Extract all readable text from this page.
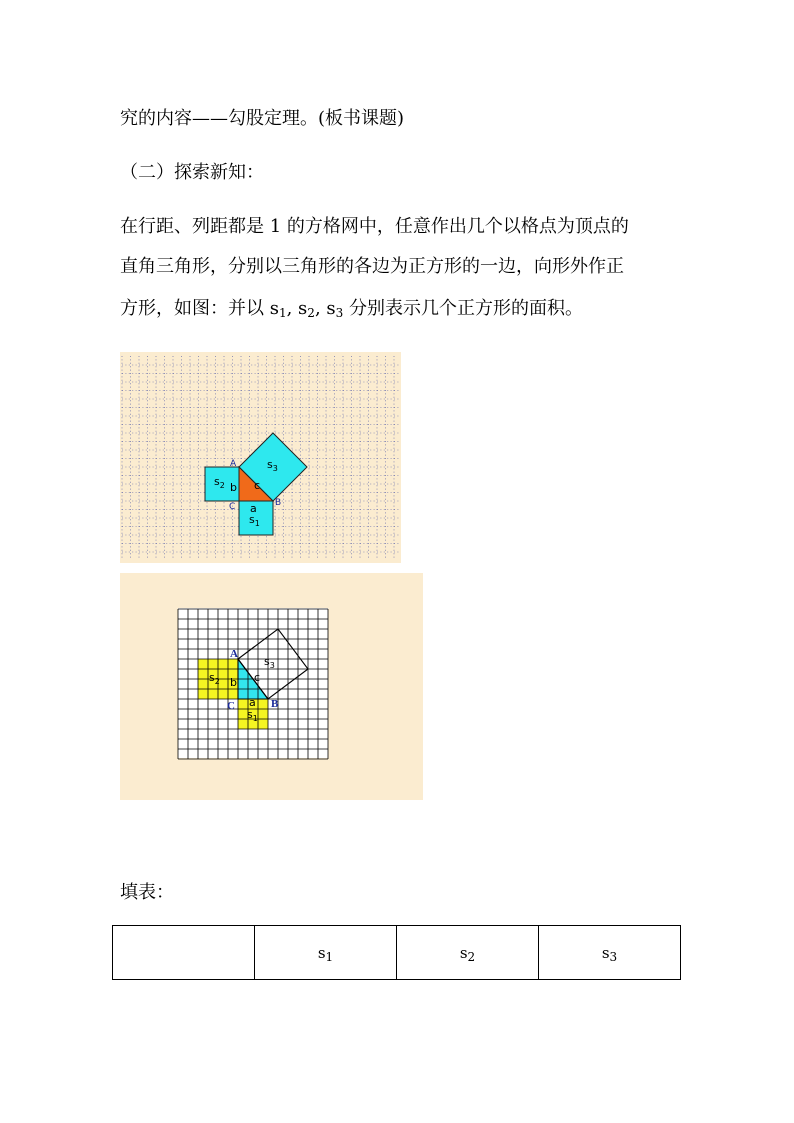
究的内容——勾股定理。(板书课题)
（二）探索新知：
在行距、列距都是 1 的方格网中，任意作出几个以格点为顶点的
直角三角形，分别以三角形的各边为正方形的一边，向形外作正
方形，如图：并以 $s_1$, $s_2$, $s_3$ 分别表示几个正方形的面积。
A
B
C
b c
a
$s_2$
$s_1$
$s_3$
A
B
C
b c
a
$s_2$
$s_1$
$s_3$
填表：
	$s_1$	$s_2$	$s_3$
